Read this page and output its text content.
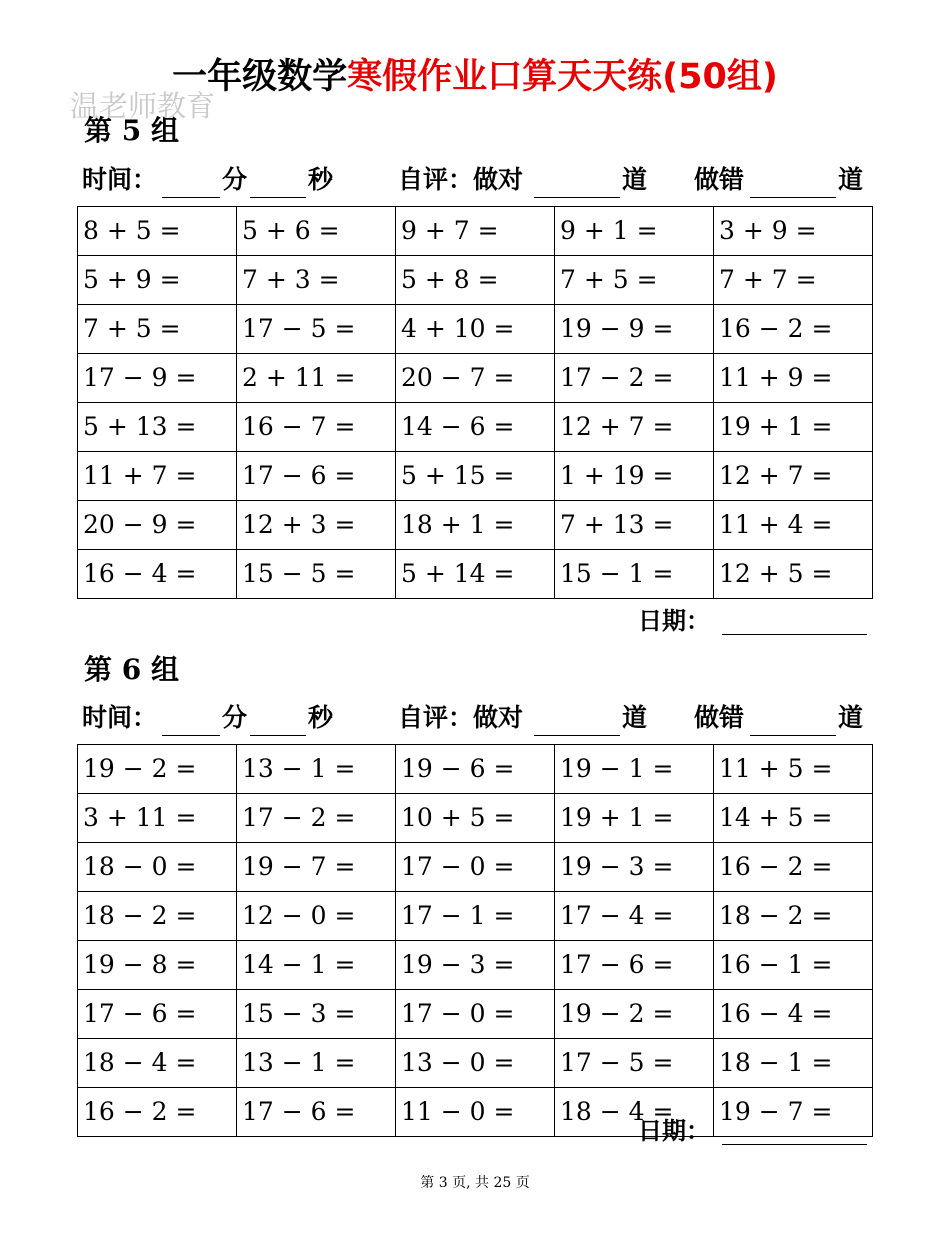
一年级数学寒假作业口算天天练(50组)
温老师教育
第 5 组
时间：	分 秒	自评：做对	道 做错	道
8 + 5 =	5 + 6 =	9 + 7 =	9 + 1 =	3 + 9 =
5 + 9 =	7 + 3 =	5 + 8 =	7 + 5 =	7 + 7 =
7 + 5 =	17 − 5 =	4 + 10 =	19 − 9 =	16 − 2 =
17 − 9 =	2 + 11 =	20 − 7 =	17 − 2 =	11 + 9 =
5 + 13 =	16 − 7 =	14 − 6 =	12 + 7 =	19 + 1 =
11 + 7 =	17 − 6 =	5 + 15 =	1 + 19 =	12 + 7 =
20 − 9 =	12 + 3 =	18 + 1 =	7 + 13 =	11 + 4 =
16 − 4 =	15 − 5 =	5 + 14 =	15 − 1 =	12 + 5 =
日期：
第 6 组
时间：	分 秒	自评：做对	道 做错	道
19 − 2 =	13 − 1 =	19 − 6 =	19 − 1 =	11 + 5 =
3 + 11 =	17 − 2 =	10 + 5 =	19 + 1 =	14 + 5 =
18 − 0 =	19 − 7 =	17 − 0 =	19 − 3 =	16 − 2 =
18 − 2 =	12 − 0 =	17 − 1 =	17 − 4 =	18 − 2 =
19 − 8 =	14 − 1 =	19 − 3 =	17 − 6 =	16 − 1 =
17 − 6 =	15 − 3 =	17 − 0 =	19 − 2 =	16 − 4 =
18 − 4 =	13 − 1 =	13 − 0 =	17 − 5 =	18 − 1 =
16 − 2 =	17 − 6 =	11 − 0 =	18 − 4 =	19 − 7 =
日期：
第 3 页, 共 25 页
